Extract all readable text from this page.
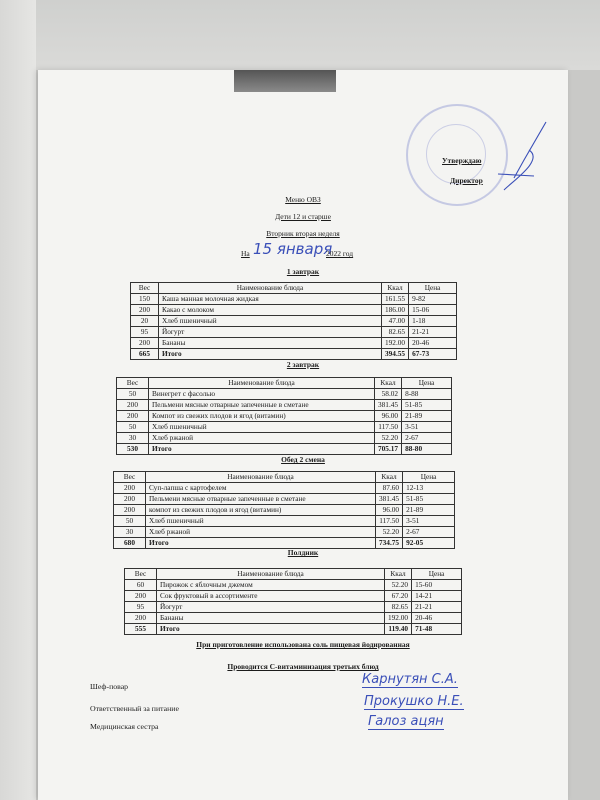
Утверждаю
Директор
Меню ОВЗ
Дети 12 и старше
Вторник вторая неделя
На 15 января
2022 год
1 завтрак
Вес	Наименование блюда	Ккал	Цена
150	Каша манная молочная жидкая	161.55	9-82
200	Какао с молоком	186.00	15-06
20	Хлеб пшеничный	47.00	1-18
95	Йогурт	82.65	21-21
200	Бананы	192.00	20-46
665	Итого	394.55	67-73
2 завтрак
Вес	Наименование блюда	Ккал	Цена
50	Винегрет с фасолью	58.02	8-88
200	Пельмени мясные отварные запеченные в сметане	381.45	51-85
200	Компот из свежих плодов и ягод (витамин)	96.00	21-89
50	Хлеб пшеничный	117.50	3-51
30	Хлеб ржаной	52.20	2-67
530	Итого	705.17	88-80
Обед 2 смена
Вес	Наименование блюда	Ккал	Цена
200	Суп-лапша с картофелем	87.60	12-13
200	Пельмени мясные отварные запеченные в сметане	381.45	51-85
200	компот из свежих плодов и ягод (витамин)	96.00	21-89
50	Хлеб пшеничный	117.50	3-51
30	Хлеб ржаной	52.20	2-67
680	Итого	734.75	92-05
Полдник
Вес	Наименование блюда	Ккал	Цена
60	Пирожок с яблочным джемом	52.20	15-60
200	Сок фруктовый в ассортименте	67.20	14-21
95	Йогурт	82.65	21-21
200	Бананы	192.00	20-46
555	Итого	119.40	71-48
При приготовление использована соль пищевая йодированная
Проводится С-витаминизация третьих блюд
Шеф-повар
Ответственный за питание
Медицинская сестра
Карнутян С.А.
Прокушко Н.Е.
Галоз ацян
